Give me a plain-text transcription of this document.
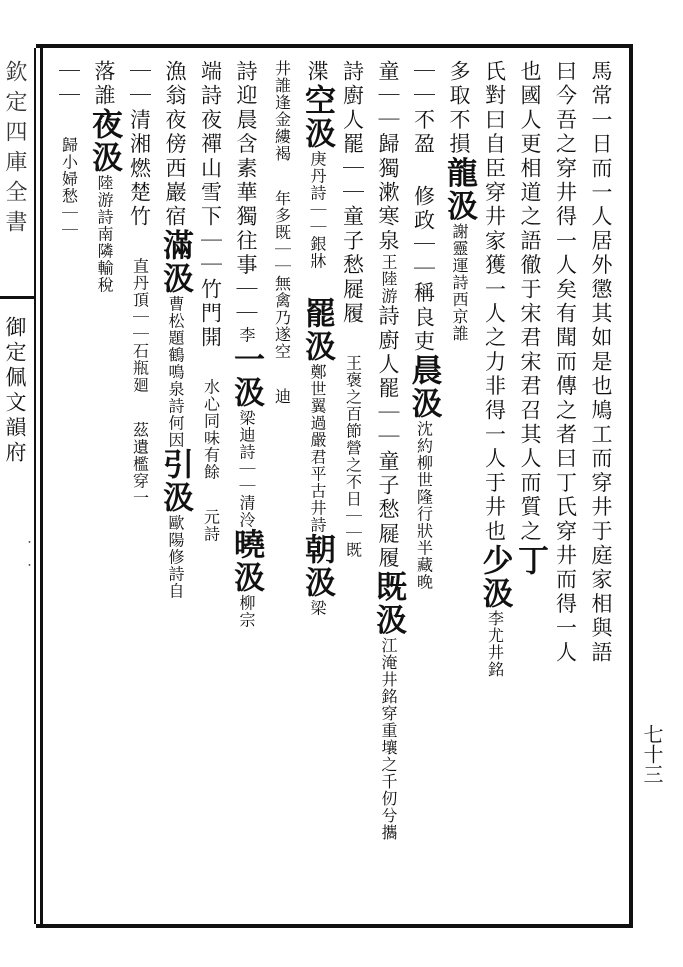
欽定四庫全書
御定佩文韻府
．．
七十三
馬常一日而一人居外懲其如是也鳩工而穿井于庭家相與語
曰今吾之穿井得一人矣有聞而傳之者曰丁氏穿井而得一人
也國人更相道之語徹于宋君宋君召其人而質之丁
氏對曰自臣穿井家獲一人之力非得一人于井也少汲李尤井銘
多取不損龍汲謝靈運詩西京誰
｜｜不盈修政｜｜稱良吏晨汲沈約柳世隆行狀半藏晚
童｜｜歸獨漱寒泉王陸游詩廚人罷｜｜童子愁屣履既汲江淹井銘穿重壤之千仞兮攜
詩廚人罷｜｜童子愁屣履王褒之百節營之不日｜｜既
渫空汲庚丹詩｜｜銀牀罷汲鄭世翼過嚴君平古井詩朝汲梁
井誰逢金縷褐年多既｜｜無禽乃遂空迪
詩迎晨含素華獨往事｜｜李一汲梁迪詩｜｜清泠曉汲柳宗
端詩夜禪山雪下｜｜竹門開水心同味有餘元詩
漁翁夜傍西巖宿滿汲曹松題鶴鳴泉詩何因引汲歐陽修詩自
｜｜清湘燃楚竹直丹頂｜｜石瓶廻茲遺檻穿一
落誰夜汲陸游詩南隣輸稅
｜｜歸小婦愁｜｜
